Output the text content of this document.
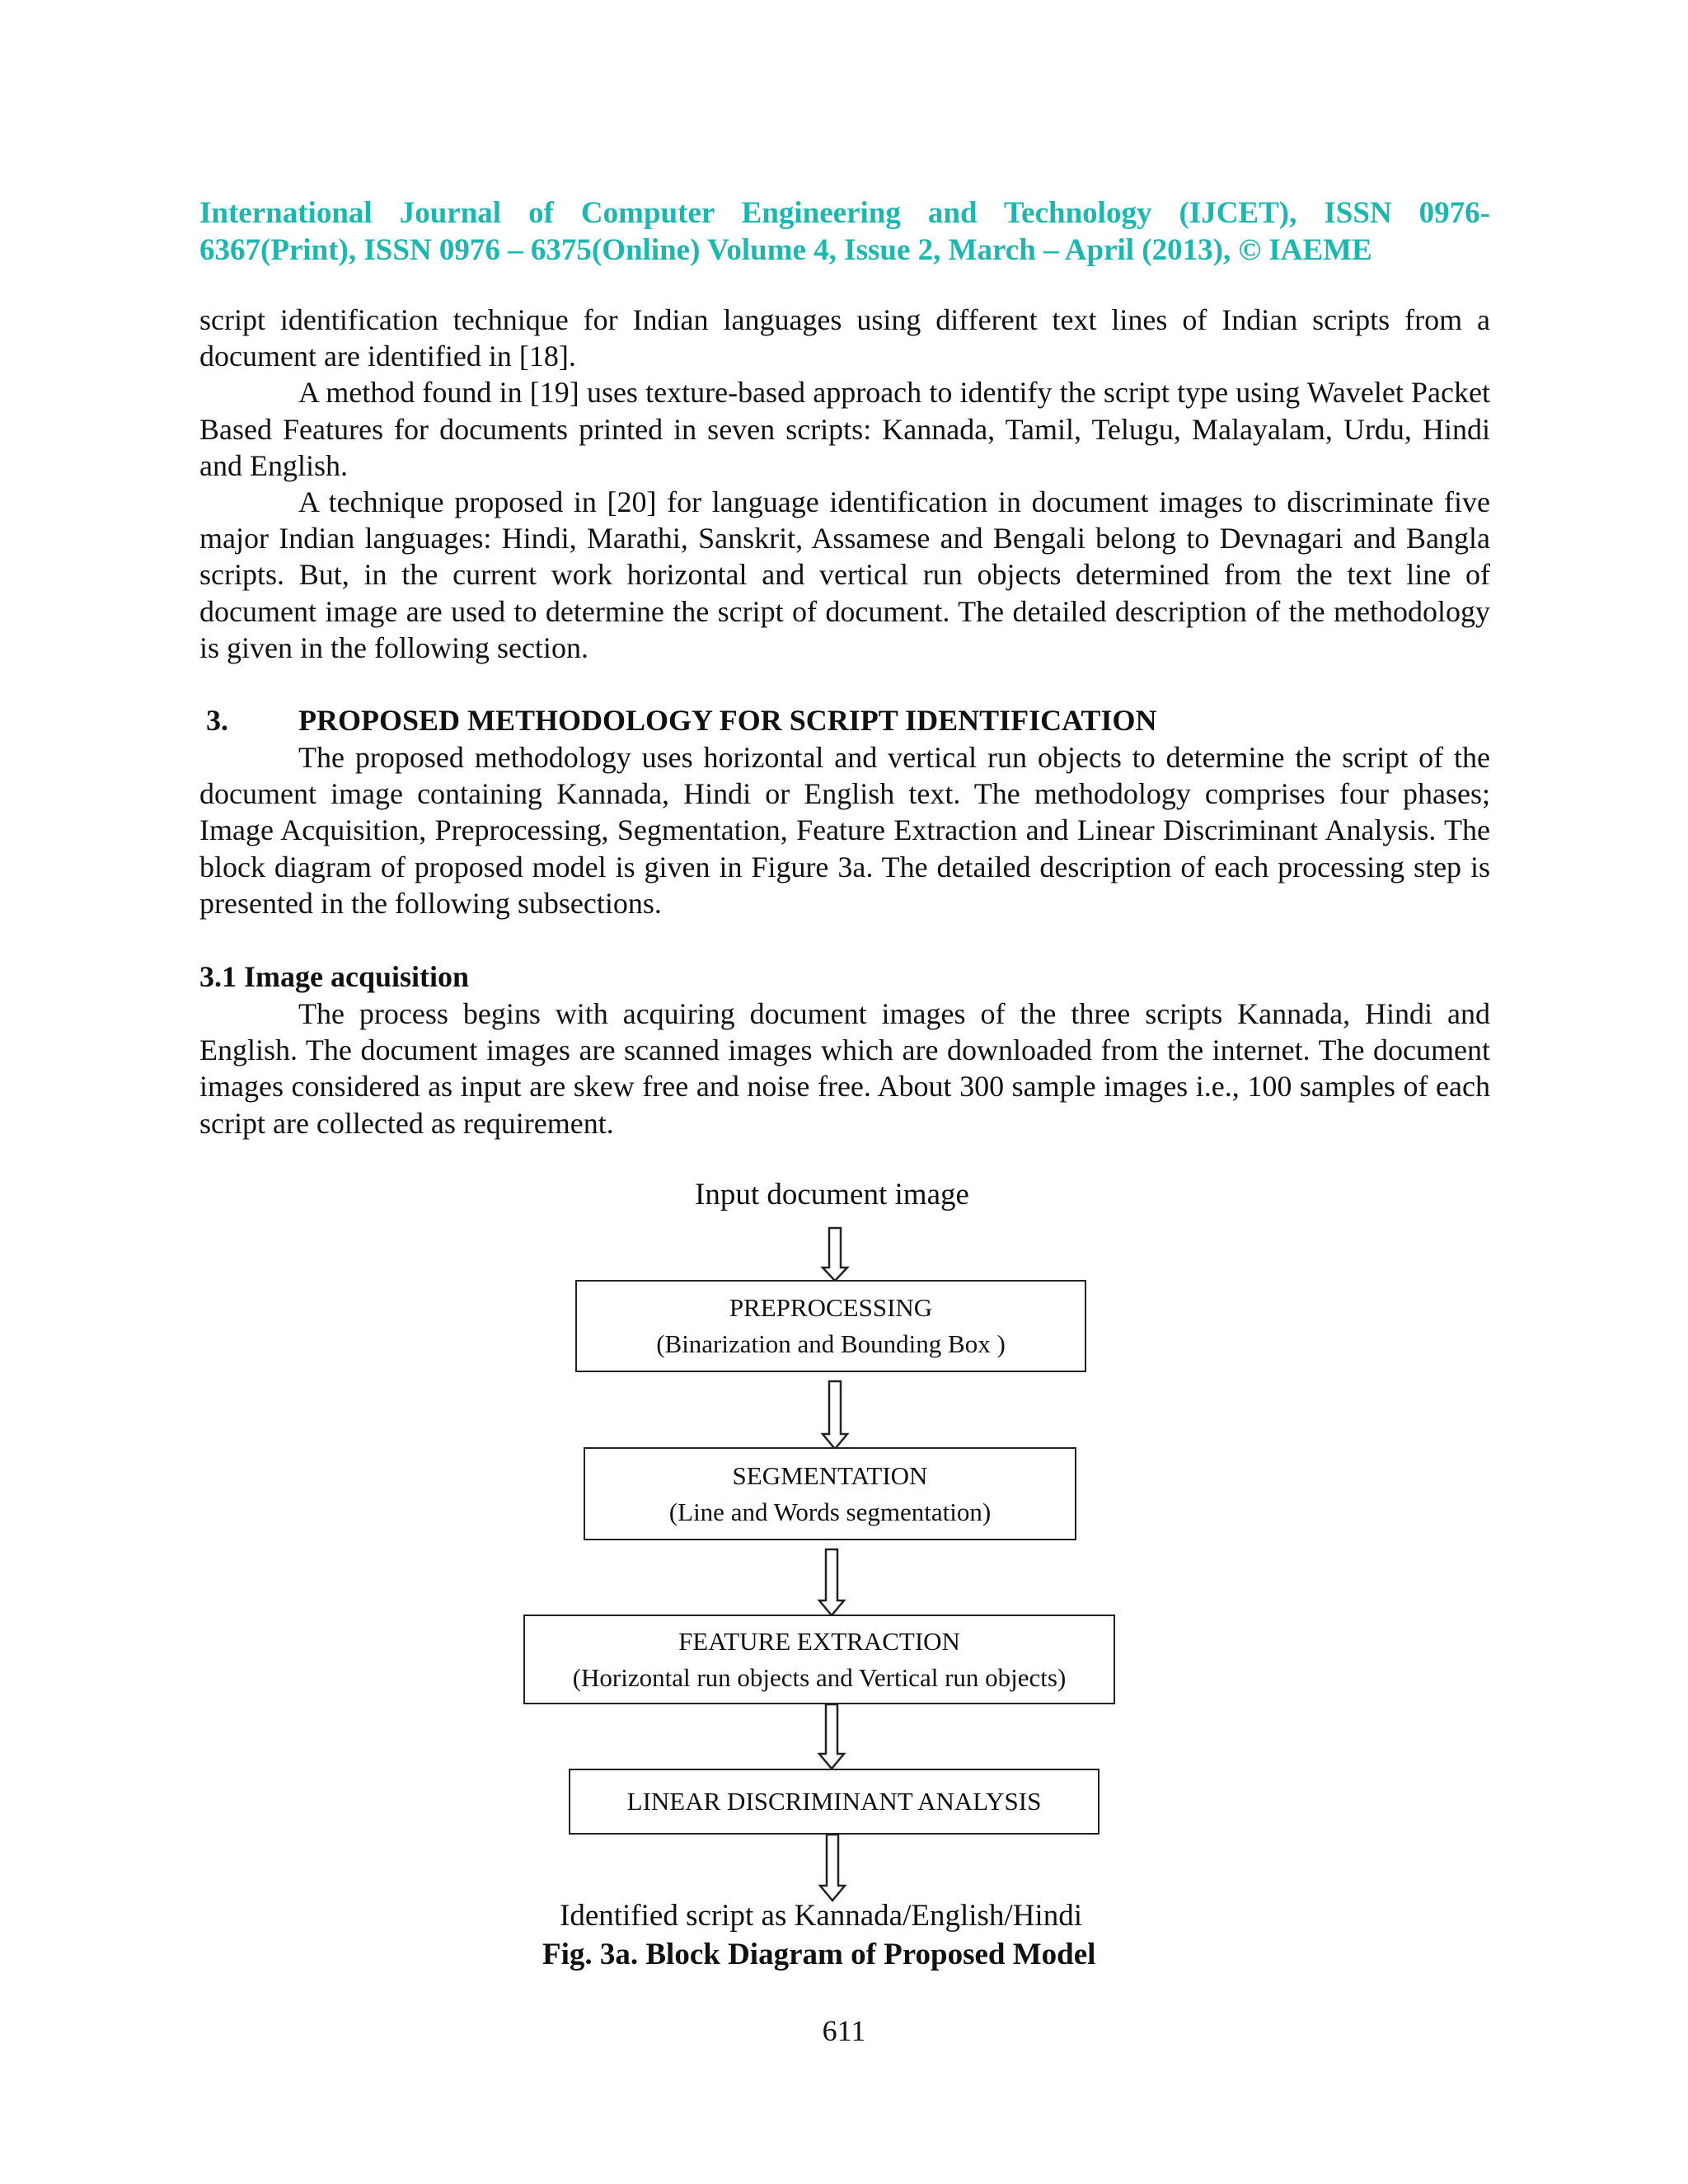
International Journal of Computer Engineering and Technology (IJCET), ISSN 0976-
6367(Print), ISSN 0976 – 6375(Online) Volume 4, Issue 2, March – April (2013), © IAEME

script identification technique for Indian languages using different text lines of Indian scripts from a document are identified in [18].

A method found in [19] uses texture-based approach to identify the script type using Wavelet Packet Based Features for documents printed in seven scripts: Kannada, Tamil, Telugu, Malayalam, Urdu, Hindi and English.

A technique proposed in [20] for language identification in document images to discriminate five major Indian languages: Hindi, Marathi, Sanskrit, Assamese and Bengali belong to Devnagari and Bangla scripts. But, in the current work horizontal and vertical run objects determined from the text line of document image are used to determine the script of document. The detailed description of the methodology is given in the following section.

3. PROPOSED METHODOLOGY FOR SCRIPT IDENTIFICATION

The proposed methodology uses horizontal and vertical run objects to determine the script of the document image containing Kannada, Hindi or English text. The methodology comprises four phases; Image Acquisition, Preprocessing, Segmentation, Feature Extraction and Linear Discriminant Analysis. The block diagram of proposed model is given in Figure 3a. The detailed description of each processing step is presented in the following subsections.

3.1 Image acquisition

The process begins with acquiring document images of the three scripts Kannada, Hindi and English. The document images are scanned images which are downloaded from the internet. The document images considered as input are skew free and noise free. About 300 sample images i.e., 100 samples of each script are collected as requirement.

Input document image
PREPROCESSING
(Binarization and Bounding Box )
SEGMENTATION
(Line and Words segmentation)
FEATURE EXTRACTION
(Horizontal run objects and Vertical run objects)
LINEAR DISCRIMINANT ANALYSIS
Identified script as Kannada/English/Hindi
Fig. 3a. Block Diagram of Proposed Model
611
